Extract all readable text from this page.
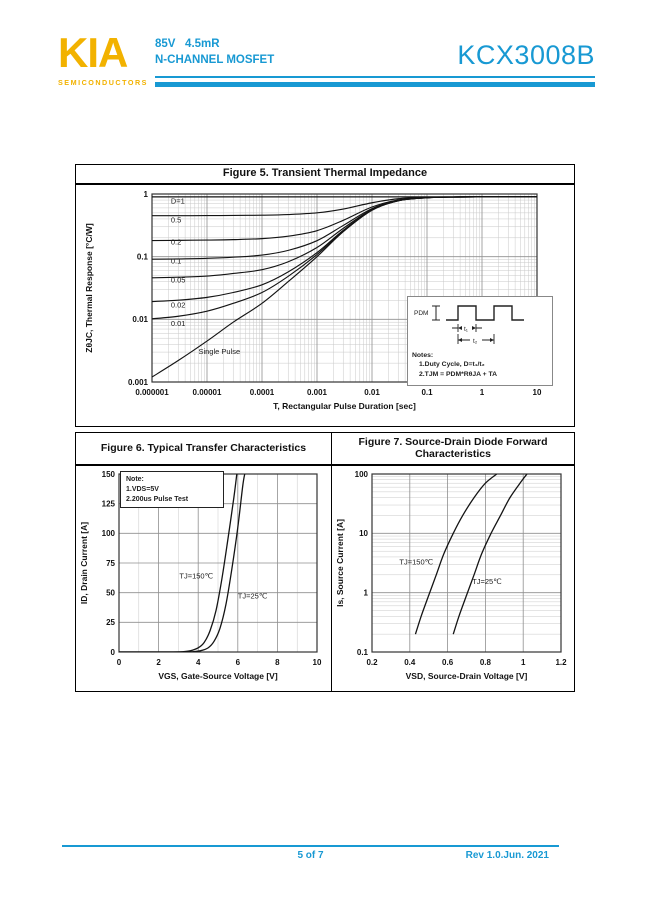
KIA
SEMICONDUCTORS
85V   4.5mR
N-CHANNEL MOSFET	KCX3008B
Figure 5. Transient Thermal Impedance
0.000001	0.00001	0.0001	0.001	0.01	0.1	1	10
0.001
0.01
0.1
1
D=1
0.5
0.2
0.1
0.05
0.02
0.01
Single Pulse
T, Rectangular Pulse Duration [sec]
ZθJC, Thermal Response [°C/W]	PDM
t₁
t₂
Notes:
1.Duty Cycle, D=t₁/t₂
2.TJM = PDM*RθJA + TA
Figure 6. Typical Transfer Characteristics
0	2	4	6	8	10
0
25
50
75
100
125
150
TJ=150℃
TJ=25℃
VGS, Gate-Source Voltage [V]
ID, Drain Current [A]
Note:
1.VDS=5V
2.200us Pulse Test
Figure 7. Source-Drain Diode Forward
Characteristics
0.2	0.4	0.6	0.8	1	1.2
0.1
1
10
100
TJ=150℃
TJ=25℃
VSD, Source-Drain Voltage [V]
Is, Source Current [A]
5 of 7	Rev 1.0.Jun. 2021
